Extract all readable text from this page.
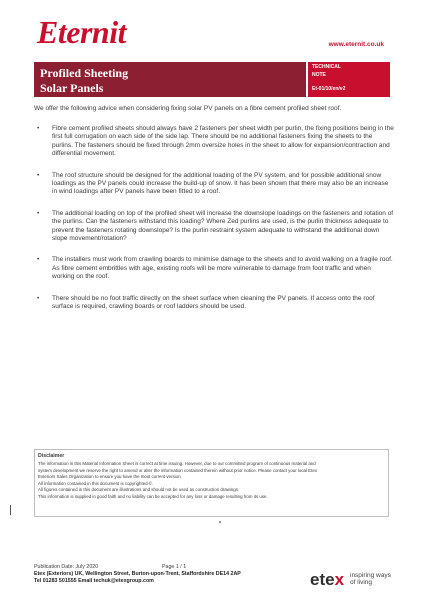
Eternit	www.eternit.co.uk
Profiled Sheeting
Solar Panels
TECHNICAL
NOTE
Et-01/10/en/v2
We offer the following advice when considering fixing solar PV panels on a fibre cement profiled sheet roof.
• Fibre cement profiled sheets should always have 2 fasteners per sheet width per purlin, the fixing positions being in the first full corrugation on each side of the side lap. There should be no additional fasteners fixing the sheets to the purlins. The fasteners should be fixed through 2mm oversize holes in the sheet to allow for expansion/contraction and differential movement.
• The roof structure should be designed for the additional loading of the PV system, and for possible additional snow loadings as the PV panels could increase the build-up of snow. It has been shown that there may also be an increase in wind loadings after PV panels have been fitted to a roof.
• The additional loading on top of the profiled sheet will increase the downslope loadings on the fasteners and rotation of the purlins. Can the fasteners withstand this loading? Where Zed purlins are used, is the purlin thickness adequate to prevent the fasteners rotating downslope? Is the purlin restraint system adequate to withstand the additional down slope movement/rotation?
• The installers must work from crawling boards to minimise damage to the sheets and to avoid walking on a fragile roof. As fibre cement embrittles with age, existing roofs will be more vulnerable to damage from foot traffic and when working on the roof.
• There should be no foot traffic directly on the sheet surface when cleaning the PV panels. If access onto the roof surface is required, crawling boards or roof ladders should be used.
Disclaimer
The information in this Material Information Sheet is correct at time issuing. However, due to our committed program of continuous material and
system development we reserve the right to amend or alter the information contained therein without prior notice. Please contact your local Etex
Exteriors Sales Organization to ensure you have the most current version.
All information contained in this document is copyrighted ©.
All figures contained in this document are illustrations and should not be used as construction drawings.
This information is supplied in good faith and no liability can be accepted for any loss or damage resulting from its use.
Publication Date: July 2020	Page 1 / 1
Etex (Exteriors) UK, Wellington Street, Burton-upon-Trent, Staffordshire DE14 2AP
Tel 01283 501555 Email techuk@etexgroup.com	etex inspiring ways
of living
